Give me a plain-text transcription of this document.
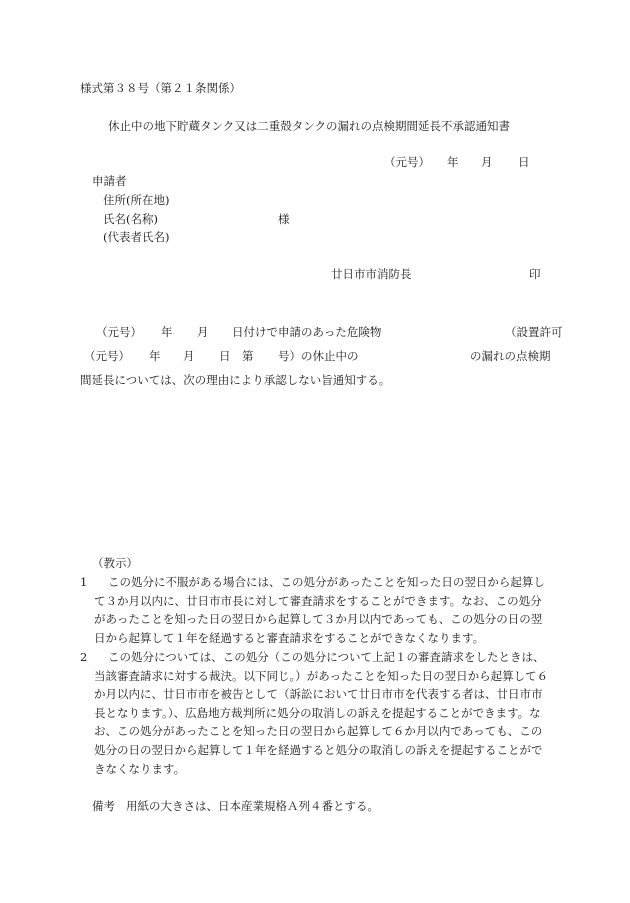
様式第３８号（第２１条関係）
休止中の地下貯蔵タンク又は二重殻タンクの漏れの点検期間延長不承認通知書
（元号） 年 月 日
申請者
住所(所在地)
氏名(名称)	様
(代表者氏名)
廿日市市消防長	印
（元号） 年 月 日付けで申請のあった危険物	（設置許可
（元号） 年 月 日 第 号）の休止中の	の漏れの点検期
間延長については、次の理由により承認しない旨通知する。
（教示）
1	この処分に不服がある場合には、この処分があったことを知った日の翌日から起算して３か月以内に、廿日市市長に対して審査請求をすることができます。なお、この処分があったことを知った日の翌日から起算して３か月以内であっても、この処分の日の翌日から起算して１年を経過すると審査請求をすることができなくなります。
2	この処分については、この処分（この処分について上記１の審査請求をしたときは、当該審査請求に対する裁決。以下同じ。）があったことを知った日の翌日から起算して６か月以内に、廿日市市を被告として（訴訟において廿日市市を代表する者は、廿日市市長となります。）、広島地方裁判所に処分の取消しの訴えを提起することができます。なお、この処分があったことを知った日の翌日から起算して６か月以内であっても、この処分の日の翌日から起算して１年を経過すると処分の取消しの訴えを提起することができなくなります。
備考 用紙の大きさは、日本産業規格Ａ列４番とする。
